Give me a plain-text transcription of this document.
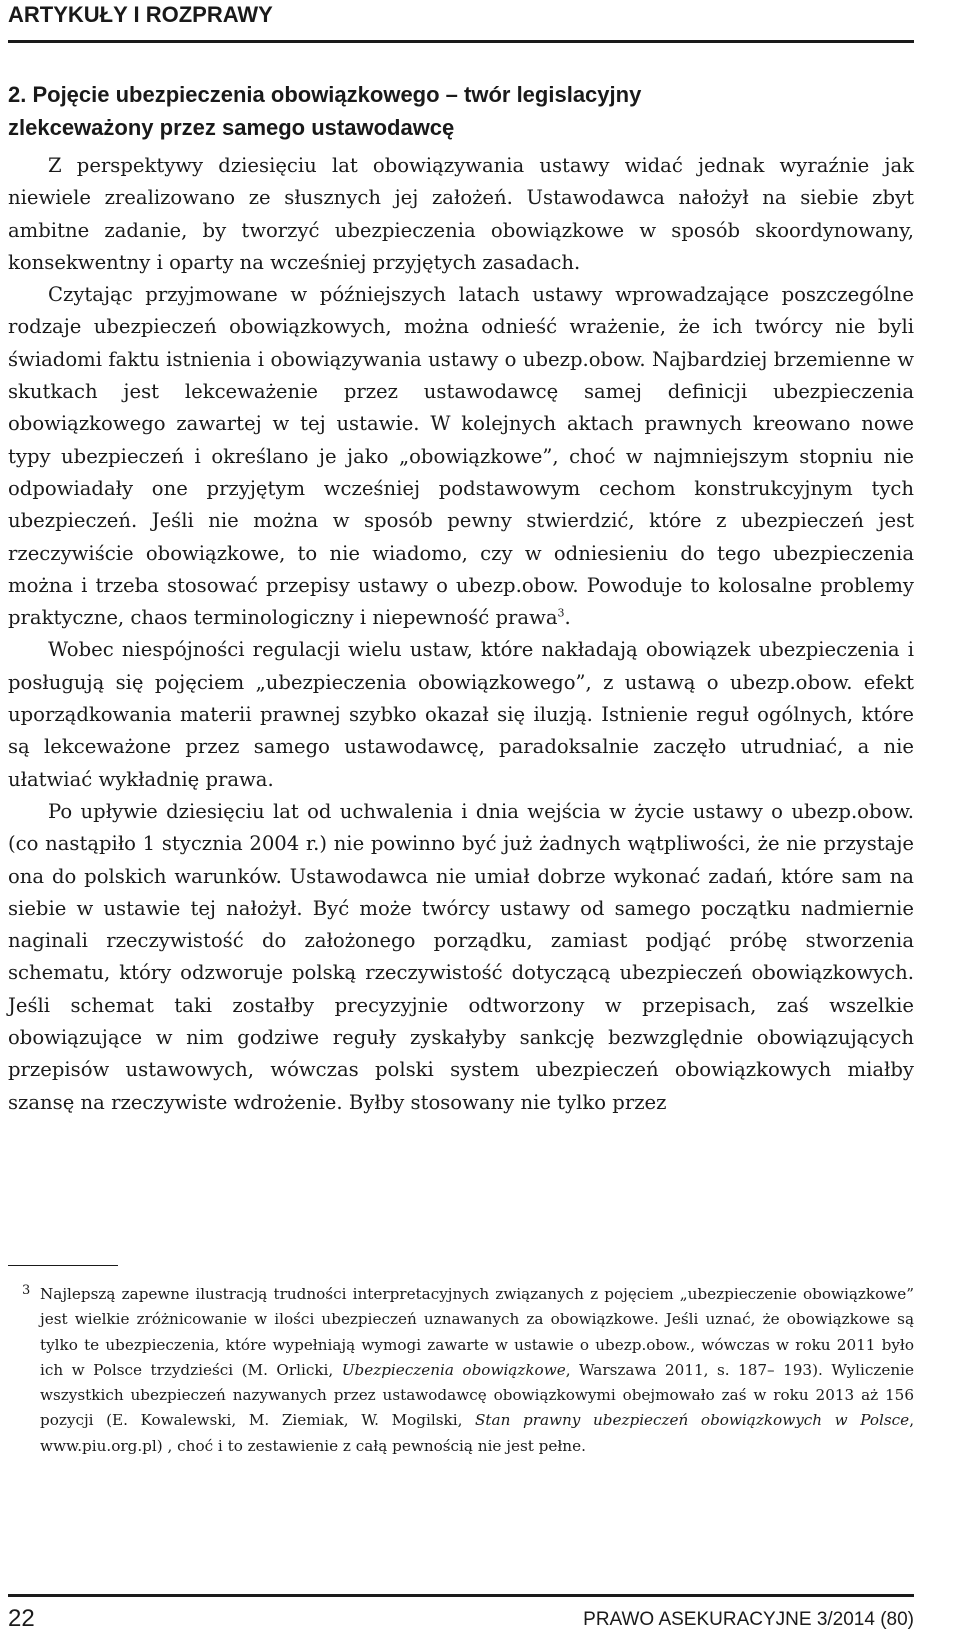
ARTYKUŁY I ROZPRAWY
2. Pojęcie ubezpieczenia obowiązkowego – twór legislacyjny
zlekceważony przez samego ustawodawcę

Z perspektywy dziesięciu lat obowiązywania ustawy widać jednak wyraźnie jak niewiele zrealizowano ze słusznych jej założeń. Ustawodawca nałożył na siebie zbyt ambitne zadanie, by tworzyć ubezpieczenia obowiązkowe w sposób skoordynowany, konsekwentny i oparty na wcześniej przyjętych zasadach.

Czytając przyjmowane w późniejszych latach ustawy wprowadzające poszczególne rodzaje ubezpieczeń obowiązkowych, można odnieść wrażenie, że ich twórcy nie byli świadomi faktu istnienia i obowiązywania ustawy o ubezp.obow. Najbardziej brzemienne w skutkach jest lekceważenie przez ustawodawcę samej definicji ubezpieczenia obowiązkowego zawartej w tej ustawie. W kolejnych aktach prawnych kreowano nowe typy ubezpieczeń i określano je jako „obowiązkowe”, choć w najmniejszym stopniu nie odpowiadały one przyjętym wcześniej podstawowym cechom konstrukcyjnym tych ubezpieczeń. Jeśli nie można w sposób pewny stwierdzić, które z ubezpieczeń jest rzeczywiście obowiązkowe, to nie wiadomo, czy w odniesieniu do tego ubezpieczenia można i trzeba stosować przepisy ustawy o ubezp.obow. Powoduje to kolosalne problemy praktyczne, chaos terminologiczny i niepewność prawa$^3$.

Wobec niespójności regulacji wielu ustaw, które nakładają obowiązek ubezpieczenia i posługują się pojęciem „ubezpieczenia obowiązkowego”, z ustawą o ubezp.obow. efekt uporządkowania materii prawnej szybko okazał się iluzją. Istnienie reguł ogólnych, które są lekceważone przez samego ustawodawcę, paradoksalnie zaczęło utrudniać, a nie ułatwiać wykładnię prawa.

Po upływie dziesięciu lat od uchwalenia i dnia wejścia w życie ustawy o ubezp.obow. (co nastąpiło 1 stycznia 2004 r.) nie powinno być już żadnych wątpliwości, że nie przystaje ona do polskich warunków. Ustawodawca nie umiał dobrze wykonać zadań, które sam na siebie w ustawie tej nałożył. Być może twórcy ustawy od samego początku nadmiernie naginali rzeczywistość do założonego porządku, zamiast podjąć próbę stworzenia schematu, który odzworuje polską rzeczywistość dotyczącą ubezpieczeń obowiązkowych. Jeśli schemat taki zostałby precyzyjnie odtworzony w przepisach, zaś wszelkie obowiązujące w nim godziwe reguły zyskałyby sankcję bezwzględnie obowiązujących przepisów ustawowych, wówczas polski system ubezpieczeń obowiązkowych miałby szansę na rzeczywiste wdrożenie. Byłby stosowany nie tylko przez

3 Najlepszą zapewne ilustracją trudności interpretacyjnych związanych z pojęciem „ubezpieczenie obowiązkowe” jest wielkie zróżnicowanie w ilości ubezpieczeń uznawanych za obowiązkowe. Jeśli uznać, że obowiązkowe są tylko te ubezpieczenia, które wypełniają wymogi zawarte w ustawie o ubezp.obow., wówczas w roku 2011 było ich w Polsce trzydzieści (M. Orlicki, Ubezpieczenia obowiązkowe, Warszawa 2011, s. 187– 193). Wyliczenie wszystkich ubezpieczeń nazywanych przez ustawodawcę obowiązkowymi obejmowało zaś w roku 2013 aż 156 pozycji (E. Kowalewski, M. Ziemiak, W. Mogilski, Stan prawny ubezpieczeń obowiązkowych w Polsce, www.piu.org.pl) , choć i to zestawienie z całą pewnością nie jest pełne.

22	PRAWO ASEKURACYJNE 3/2014 (80)
